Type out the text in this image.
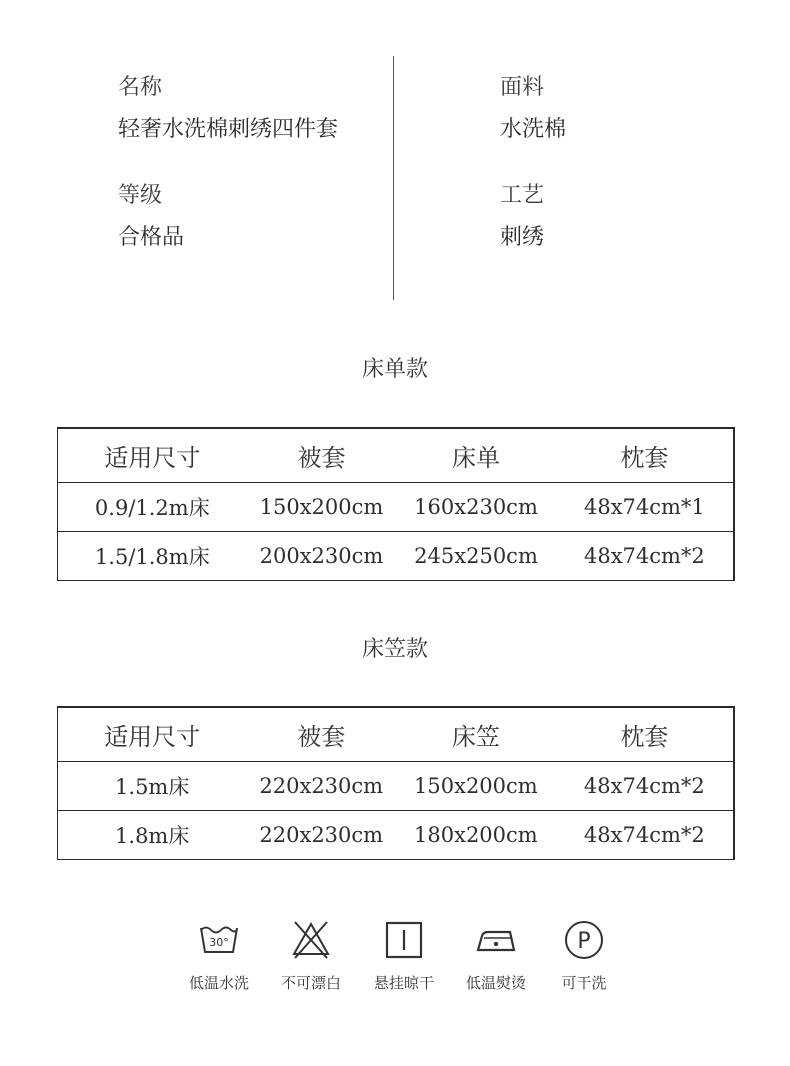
名称
轻奢水洗棉刺绣四件套
等级
合格品
面料
水洗棉
工艺
刺绣
床单款
适用尺寸	被套	床单	枕套
0.9/1.2m床	150x200cm	160x230cm	48x74cm*1
1.5/1.8m床	200x230cm	245x250cm	48x74cm*2
床笠款
适用尺寸	被套	床笠	枕套
1.5m床	220x230cm	150x200cm	48x74cm*2
1.8m床	220x230cm	180x200cm	48x74cm*2
30°
低温水洗	不可漂白	悬挂晾干	低温熨烫
P
可干洗
